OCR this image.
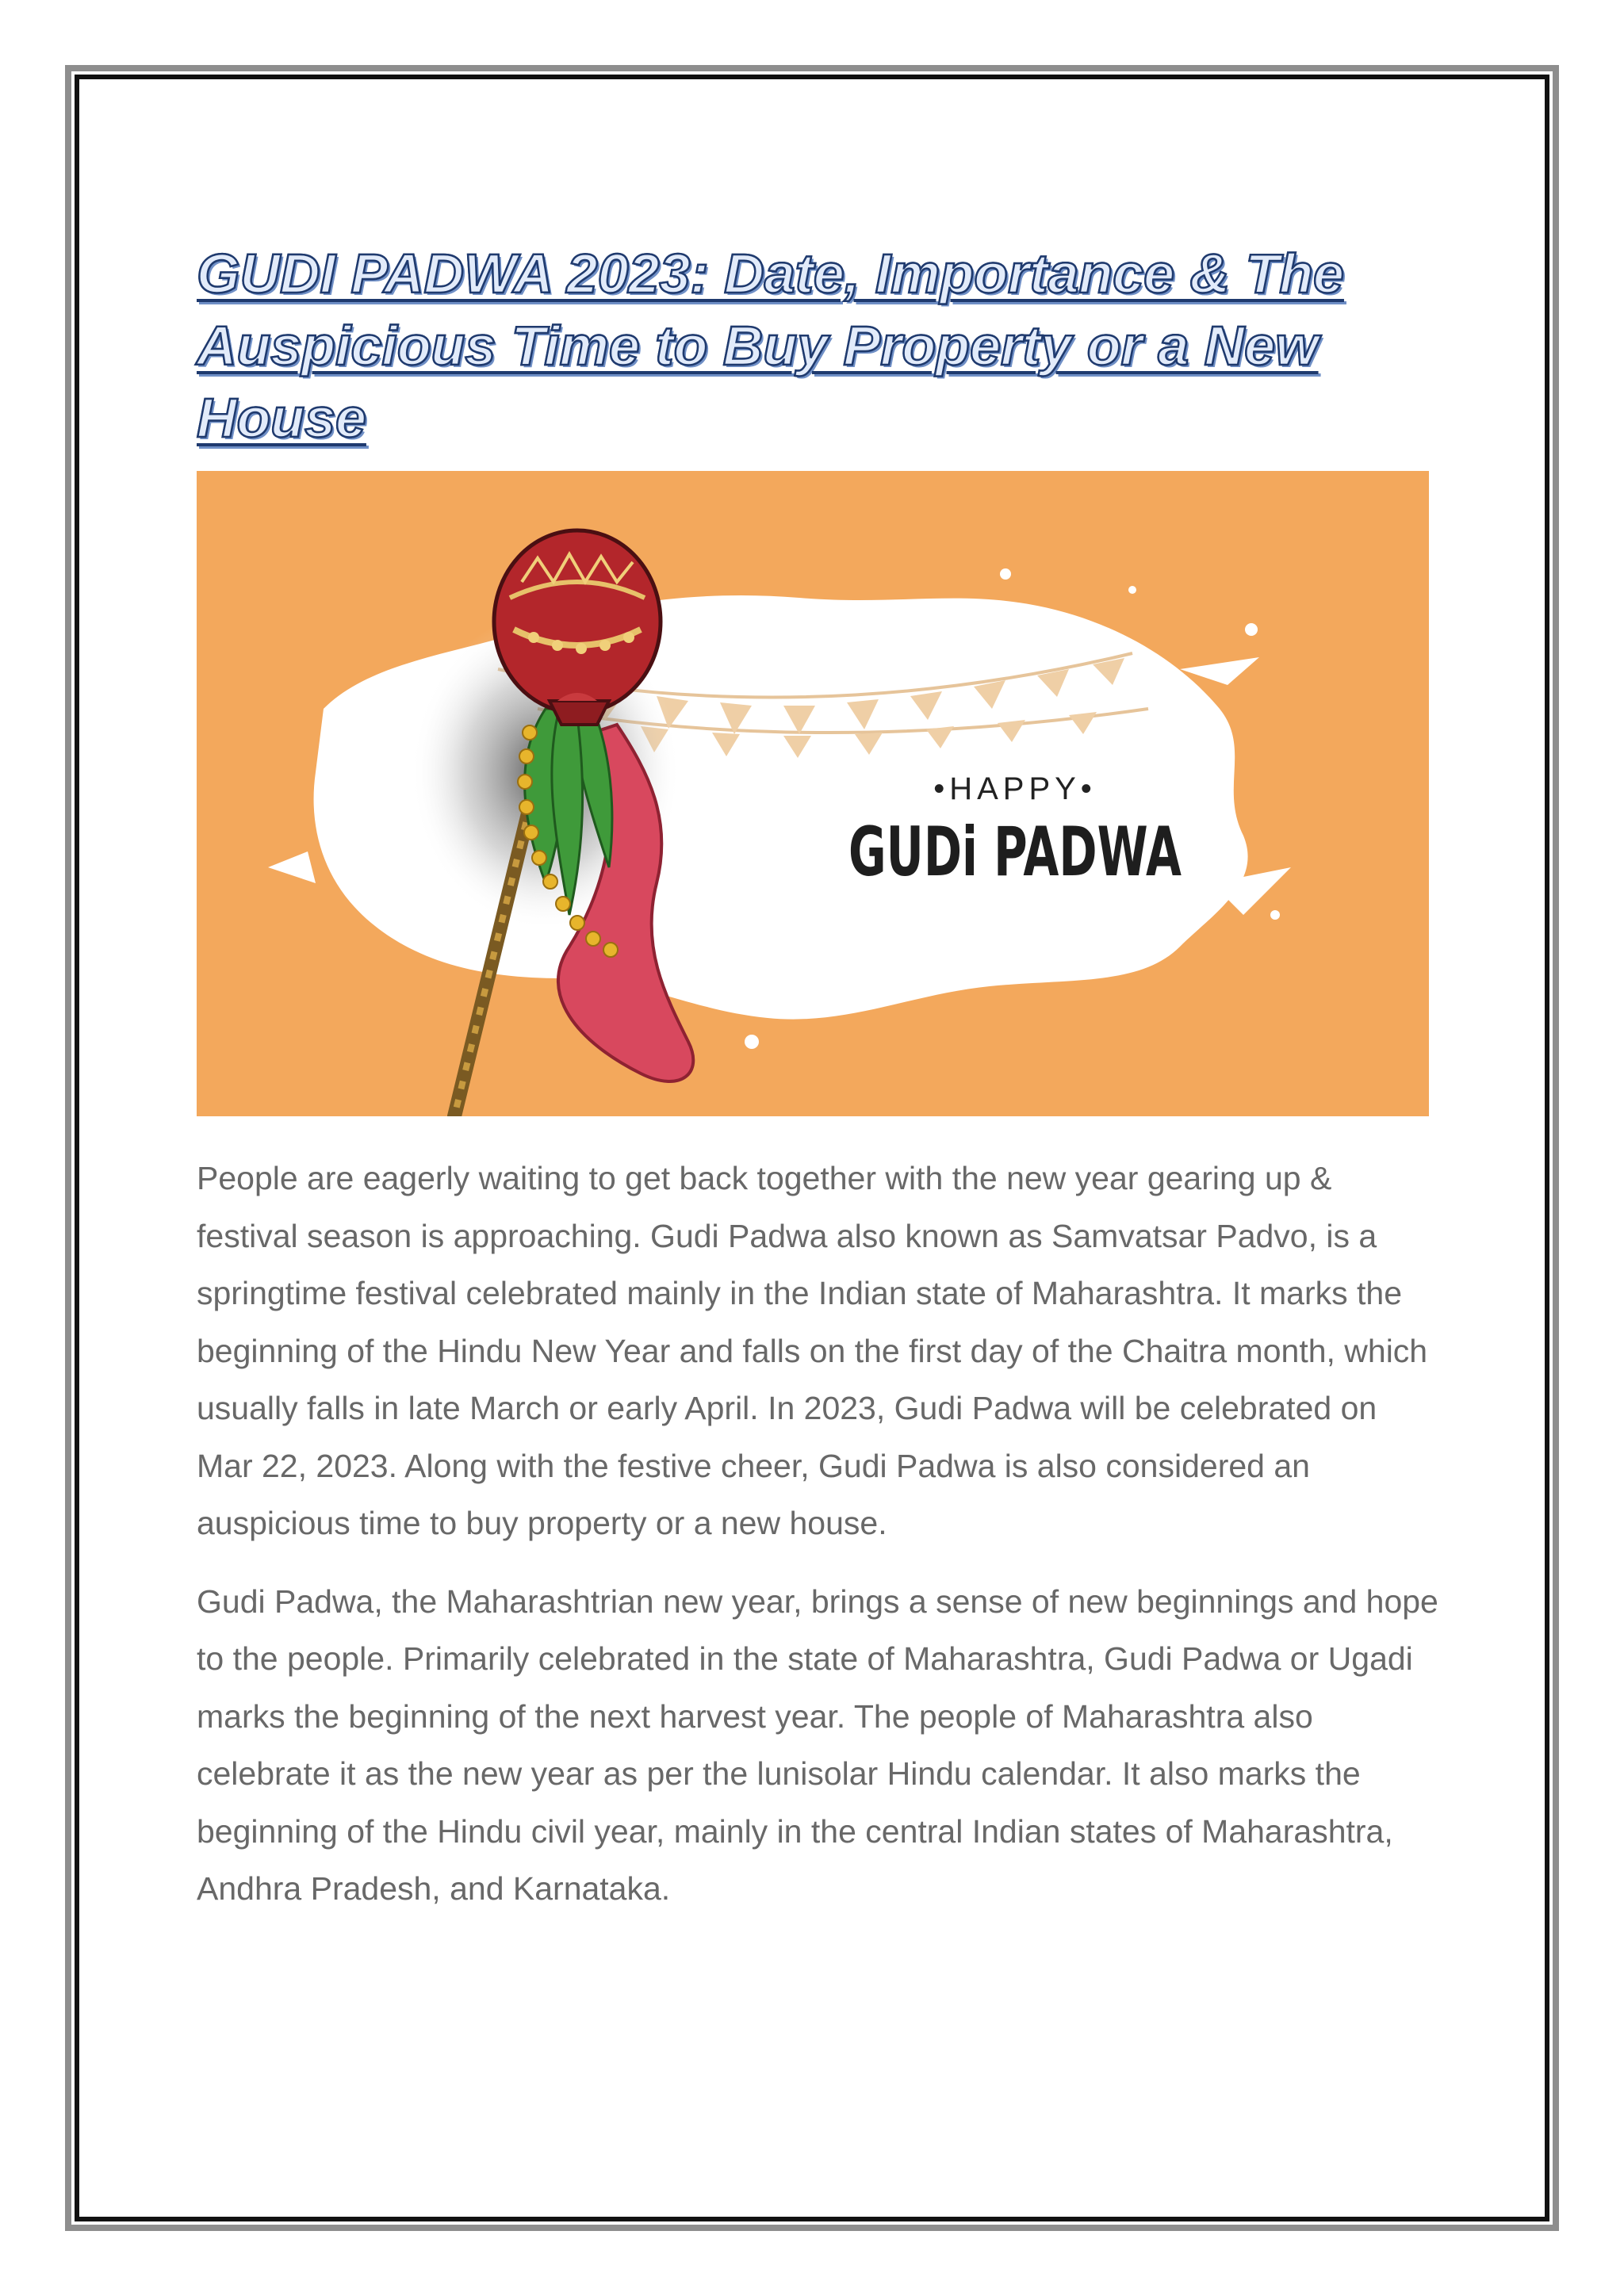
GUDI PADWA 2023: Date, Importance & The Auspicious Time to Buy Property or a New House
•HAPPY•
GUDi PADWA

People are eagerly waiting to get back together with the new year gearing up & festival season is approaching. Gudi Padwa also known as Samvatsar Padvo, is a springtime festival celebrated mainly in the Indian state of Maharashtra. It marks the beginning of the Hindu New Year and falls on the first day of the Chaitra month, which usually falls in late March or early April. In 2023, Gudi Padwa will be celebrated on Mar 22, 2023. Along with the festive cheer, Gudi Padwa is also considered an auspicious time to buy property or a new house.

Gudi Padwa, the Maharashtrian new year, brings a sense of new beginnings and hope to the people. Primarily celebrated in the state of Maharashtra, Gudi Padwa or Ugadi marks the beginning of the next harvest year. The people of Maharashtra also celebrate it as the new year as per the lunisolar Hindu calendar. It also marks the beginning of the Hindu civil year, mainly in the central Indian states of Maharashtra, Andhra Pradesh, and Karnataka.
